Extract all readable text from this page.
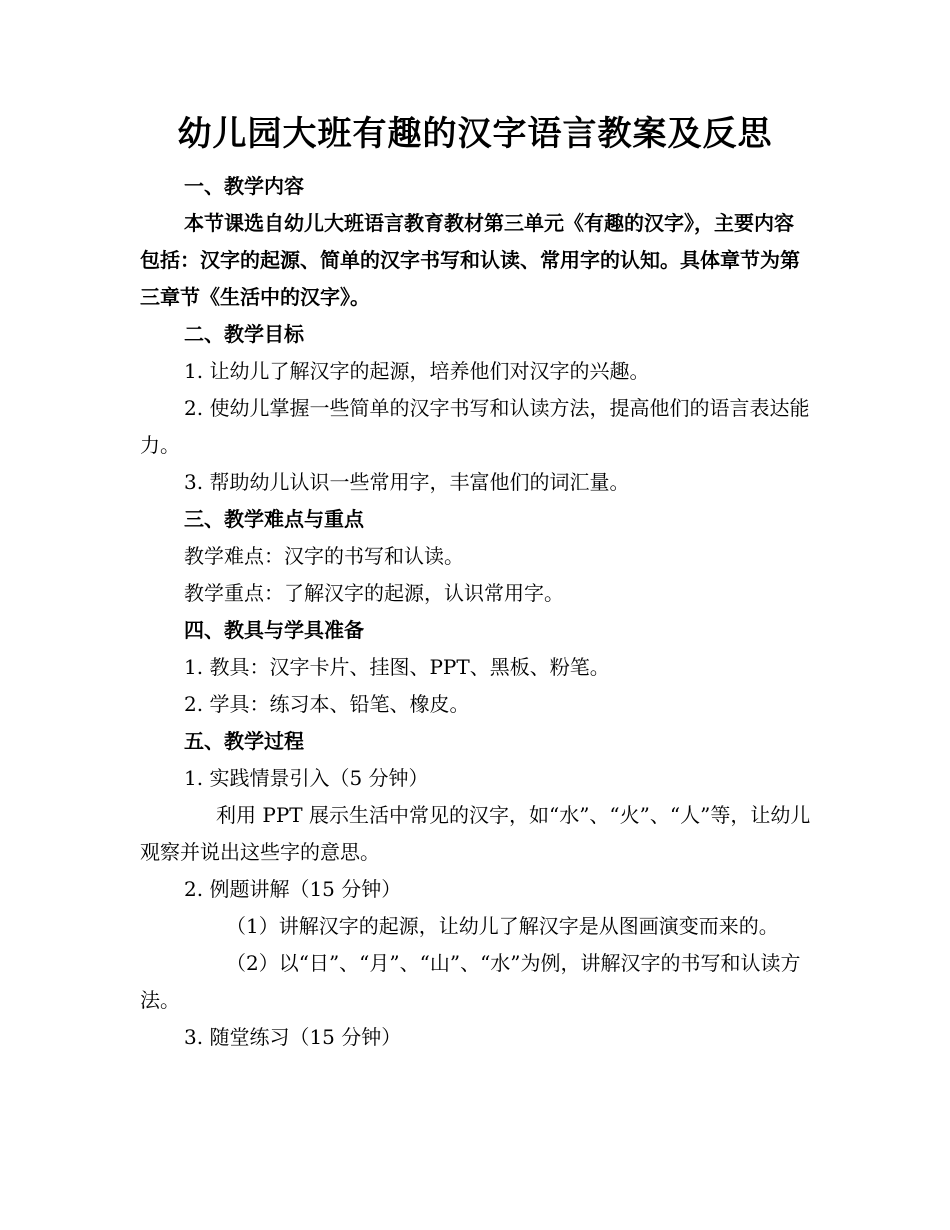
幼儿园大班有趣的汉字语言教案及反思

一、教学内容

本节课选自幼儿大班语言教育教材第三单元《有趣的汉字》，主要内容包括：汉字的起源、简单的汉字书写和认读、常用字的认知。具体章节为第三章节《生活中的汉字》。

二、教学目标

1. 让幼儿了解汉字的起源，培养他们对汉字的兴趣。

2. 使幼儿掌握一些简单的汉字书写和认读方法，提高他们的语言表达能力。

3. 帮助幼儿认识一些常用字，丰富他们的词汇量。

三、教学难点与重点

教学难点：汉字的书写和认读。

教学重点：了解汉字的起源，认识常用字。

四、教具与学具准备

1. 教具：汉字卡片、挂图、PPT、黑板、粉笔。

2. 学具：练习本、铅笔、橡皮。

五、教学过程

1. 实践情景引入（5 分钟）

利用 PPT 展示生活中常见的汉字，如“水”、“火”、“人”等，让幼儿观察并说出这些字的意思。

2. 例题讲解（15 分钟）

（1）讲解汉字的起源，让幼儿了解汉字是从图画演变而来的。

（2）以“日”、“月”、“山”、“水”为例，讲解汉字的书写和认读方法。

3. 随堂练习（15 分钟）
